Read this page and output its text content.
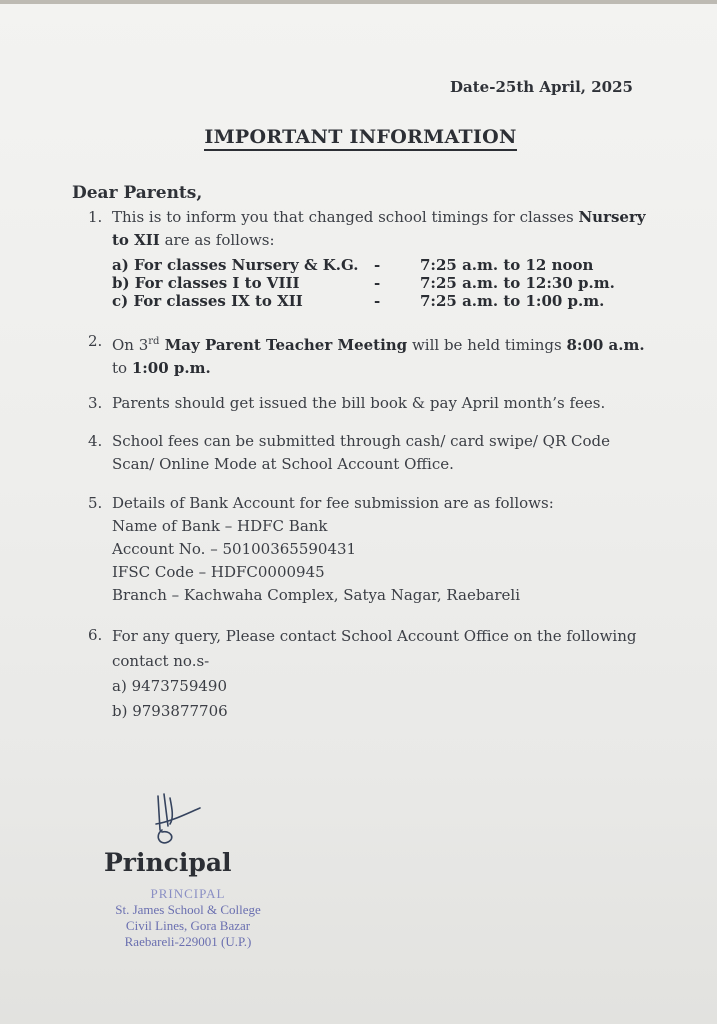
Date-25th April, 2025
IMPORTANT INFORMATION
Dear Parents,
1. This is to inform you that changed school timings for classes Nursery to XII are as follows:
a) For classes Nursery & K.G. -	7:25 a.m. to 12 noon
b) For classes I to VIII	-	7:25 a.m. to 12:30 p.m.
c) For classes IX to XII	-	7:25 a.m. to 1:00 p.m.
2. On 3rd May Parent Teacher Meeting will be held timings 8:00 a.m. to 1:00 p.m.
3. Parents should get issued the bill book & pay April month’s fees.
4. School fees can be submitted through cash/ card swipe/ QR Code Scan/ Online Mode at School Account Office.
5. Details of Bank Account for fee submission are as follows:
Name of Bank – HDFC Bank
Account No. – 50100365590431
IFSC Code – HDFC0000945
Branch – Kachwaha Complex, Satya Nagar, Raebareli
6. For any query, Please contact School Account Office on the following contact no.s-
a) 9473759490
b) 9793877706
Principal
PRINCIPAL
St. James School & College
Civil Lines, Gora Bazar
Raebareli-229001 (U.P.)
